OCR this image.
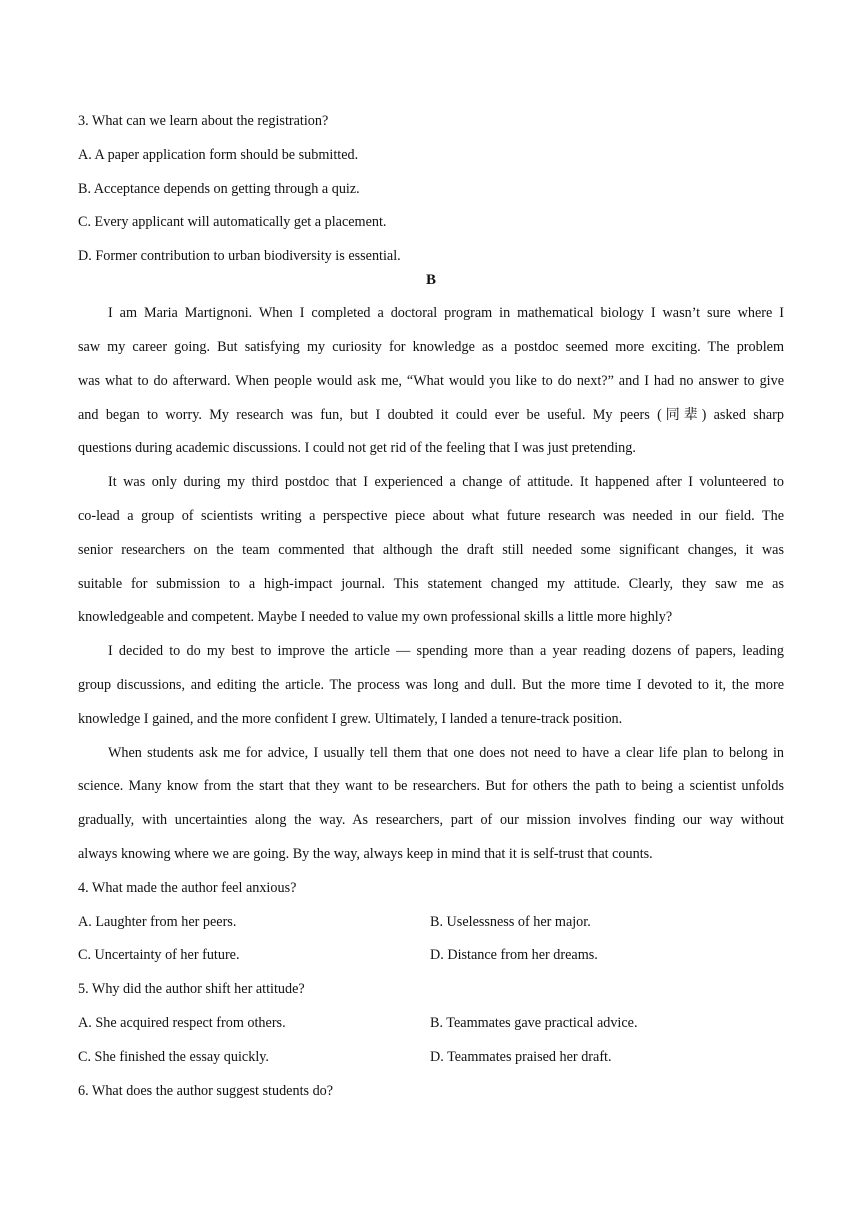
3. What can we learn about the registration?
A. A paper application form should be submitted.
B. Acceptance depends on getting through a quiz.
C. Every applicant will automatically get a placement.
D. Former contribution to urban biodiversity is essential.
B
I am Maria Martignoni. When I completed a doctoral program in mathematical biology I wasn’t sure where I
saw my career going. But satisfying my curiosity for knowledge as a postdoc seemed more exciting. The problem
was what to do afterward. When people would ask me, “What would you like to do next?” and I had no answer to give
and began to worry. My research was fun, but I doubted it could ever be useful. My peers (同辈) asked sharp
questions during academic discussions. I could not get rid of the feeling that I was just pretending.
It was only during my third postdoc that I experienced a change of attitude. It happened after I volunteered to
co-lead a group of scientists writing a perspective piece about what future research was needed in our field. The
senior researchers on the team commented that although the draft still needed some significant changes, it was
suitable for submission to a high-impact journal. This statement changed my attitude. Clearly, they saw me as
knowledgeable and competent. Maybe I needed to value my own professional skills a little more highly?
I decided to do my best to improve the article — spending more than a year reading dozens of papers, leading
group discussions, and editing the article. The process was long and dull. But the more time I devoted to it, the more
knowledge I gained, and the more confident I grew. Ultimately, I landed a tenure-track position.
When students ask me for advice, I usually tell them that one does not need to have a clear life plan to belong in
science. Many know from the start that they want to be researchers. But for others the path to being a scientist unfolds
gradually, with uncertainties along the way. As researchers, part of our mission involves finding our way without
always knowing where we are going. By the way, always keep in mind that it is self-trust that counts.
4. What made the author feel anxious?
A. Laughter from her peers.	B. Uselessness of her major.
C. Uncertainty of her future.	D. Distance from her dreams.
5. Why did the author shift her attitude?
A. She acquired respect from others.	B. Teammates gave practical advice.
C. She finished the essay quickly.	D. Teammates praised her draft.
6. What does the author suggest students do?
